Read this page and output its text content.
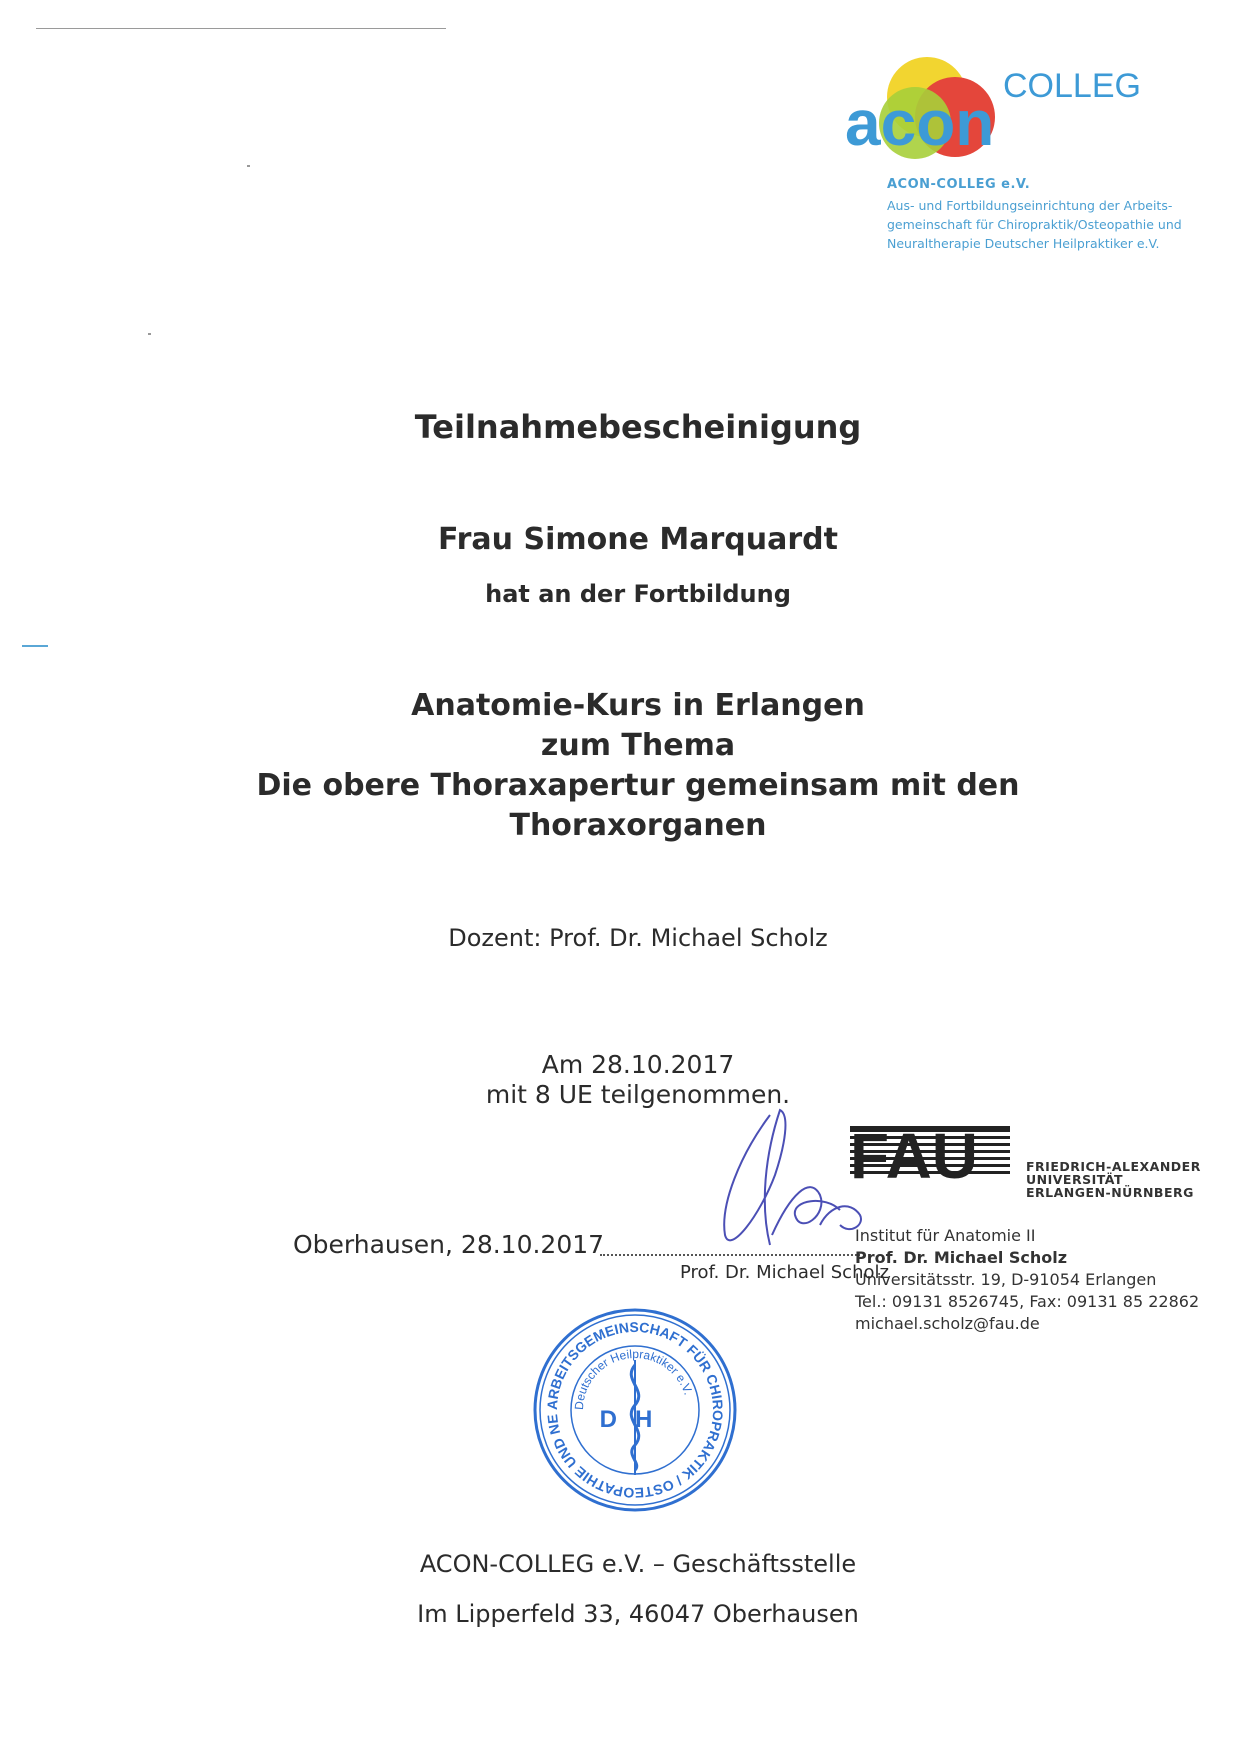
acon
COLLEG
ACON-COLLEG e.V.
Aus- und Fortbildungseinrichtung der Arbeits-
gemeinschaft für Chiropraktik/Osteopathie und
Neuraltherapie Deutscher Heilpraktiker e.V.
Teilnahmebescheinigung
Frau Simone Marquardt
hat an der Fortbildung
Anatomie-Kurs in Erlangen
zum Thema
Die obere Thoraxapertur gemeinsam mit den
Thoraxorganen
Dozent: Prof. Dr. Michael Scholz
Am 28.10.2017
mit 8 UE teilgenommen.
Oberhausen, 28.10.2017
Prof. Dr. Michael Scholz
FAU	FRIEDRICH-ALEXANDER
UNIVERSITÄT
ERLANGEN-NÜRNBERG
Institut für Anatomie II
Prof. Dr. Michael Scholz
Universitätsstr. 19, D-91054 Erlangen
Tel.: 09131 8526745, Fax: 09131 85 22862
michael.scholz@fau.de
ARBEITSGEMEINSCHAFT FÜR CHIROPRAKTIK / OSTEOPATHIE UND NE
Deutscher Heilpraktiker e.V.
DH
ACON-COLLEG e.V. – Geschäftsstelle
Im Lipperfeld 33, 46047 Oberhausen
